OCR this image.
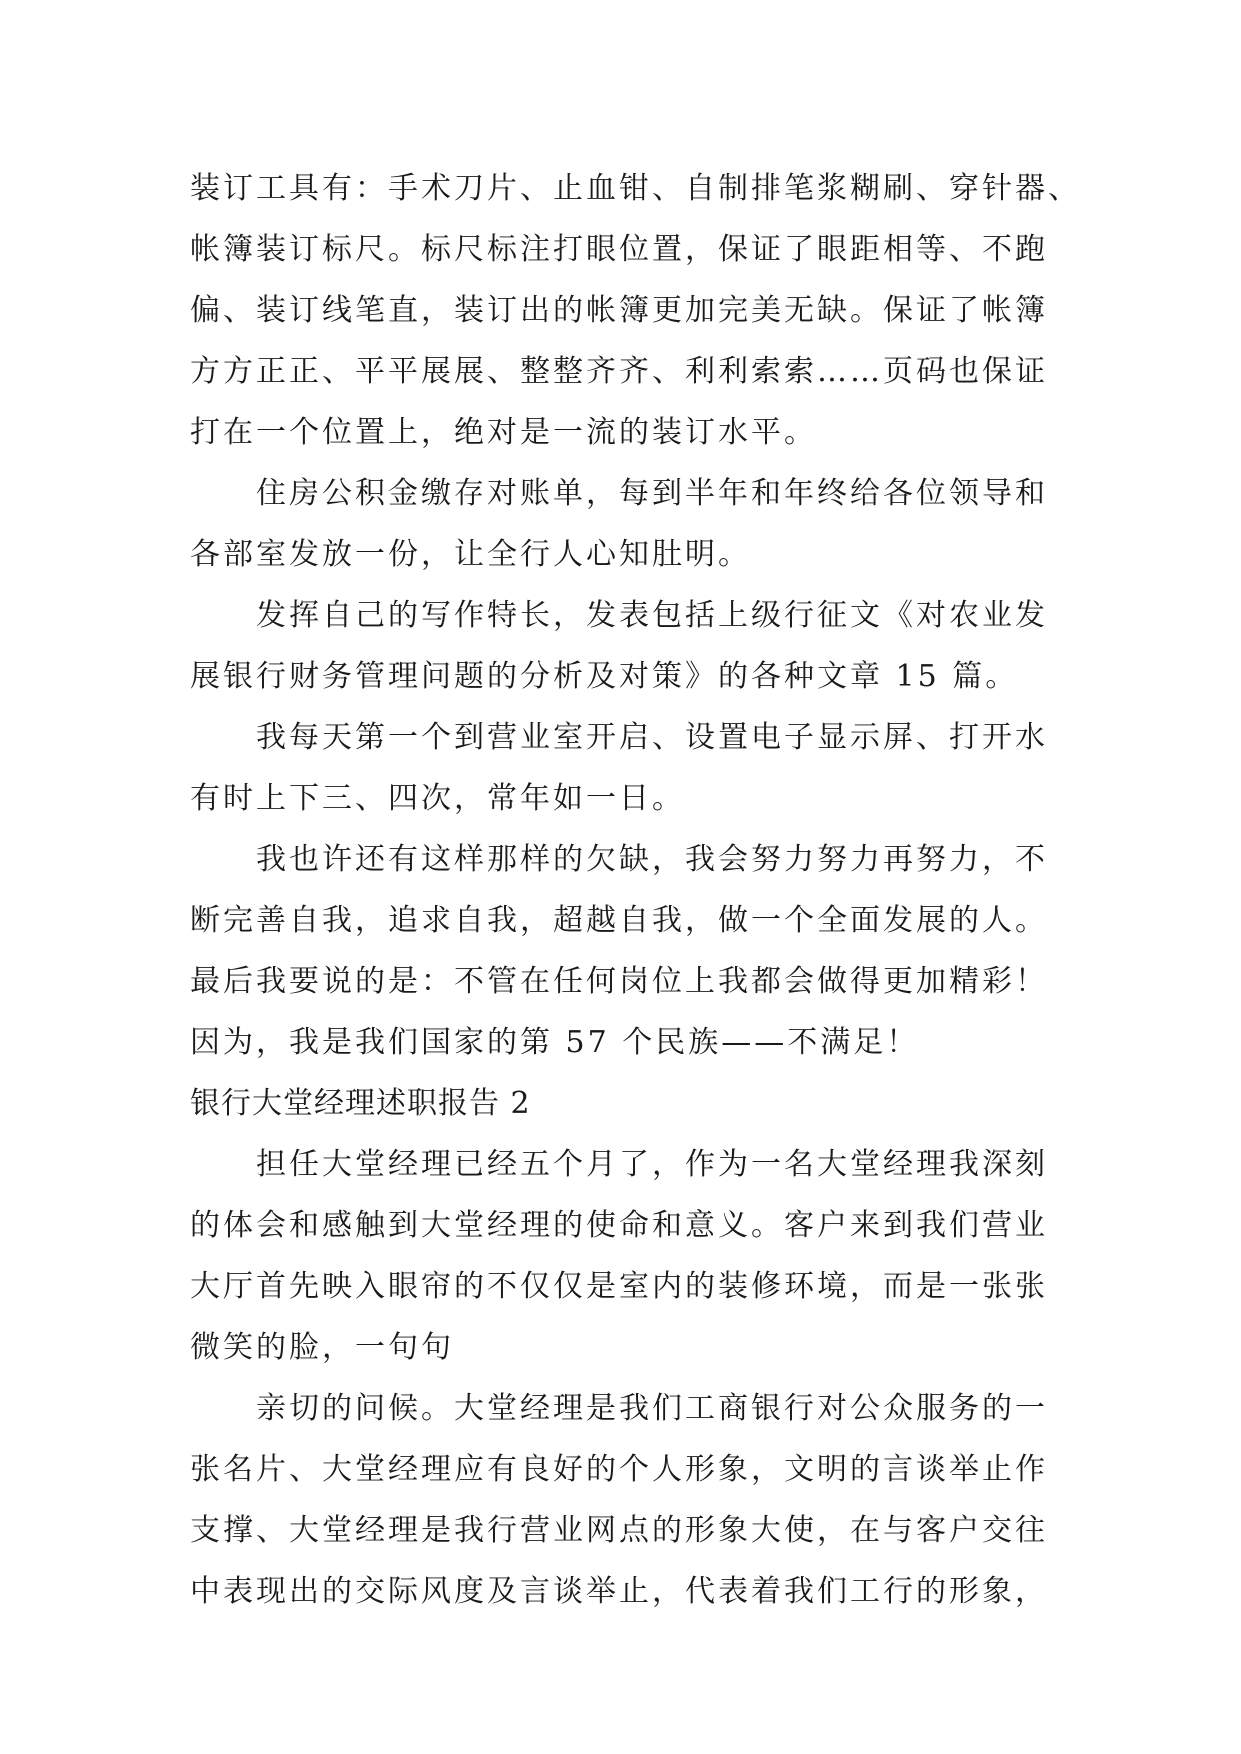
装订工具有：手术刀片、止血钳、自制排笔浆糊刷、穿针器、
帐簿装订标尺。标尺标注打眼位置，保证了眼距相等、不跑
偏、装订线笔直，装订出的帐簿更加完美无缺。保证了帐簿
方方正正、平平展展、整整齐齐、利利索索……页码也保证
打在一个位置上，绝对是一流的装订水平。
住房公积金缴存对账单，每到半年和年终给各位领导和
各部室发放一份，让全行人心知肚明。
发挥自己的写作特长，发表包括上级行征文《对农业发
展银行财务管理问题的分析及对策》的各种文章 15 篇。
我每天第一个到营业室开启、设置电子显示屏、打开水
有时上下三、四次，常年如一日。
我也许还有这样那样的欠缺，我会努力努力再努力，不
断完善自我，追求自我，超越自我，做一个全面发展的人。
最后我要说的是：不管在任何岗位上我都会做得更加精彩！
因为，我是我们国家的第 57 个民族——不满足！
银行大堂经理述职报告 2
担任大堂经理已经五个月了，作为一名大堂经理我深刻
的体会和感触到大堂经理的使命和意义。客户来到我们营业
大厅首先映入眼帘的不仅仅是室内的装修环境，而是一张张
微笑的脸，一句句
亲切的问候。大堂经理是我们工商银行对公众服务的一
张名片、大堂经理应有良好的个人形象，文明的言谈举止作
支撑、大堂经理是我行营业网点的形象大使，在与客户交往
中表现出的交际风度及言谈举止，代表着我们工行的形象，
